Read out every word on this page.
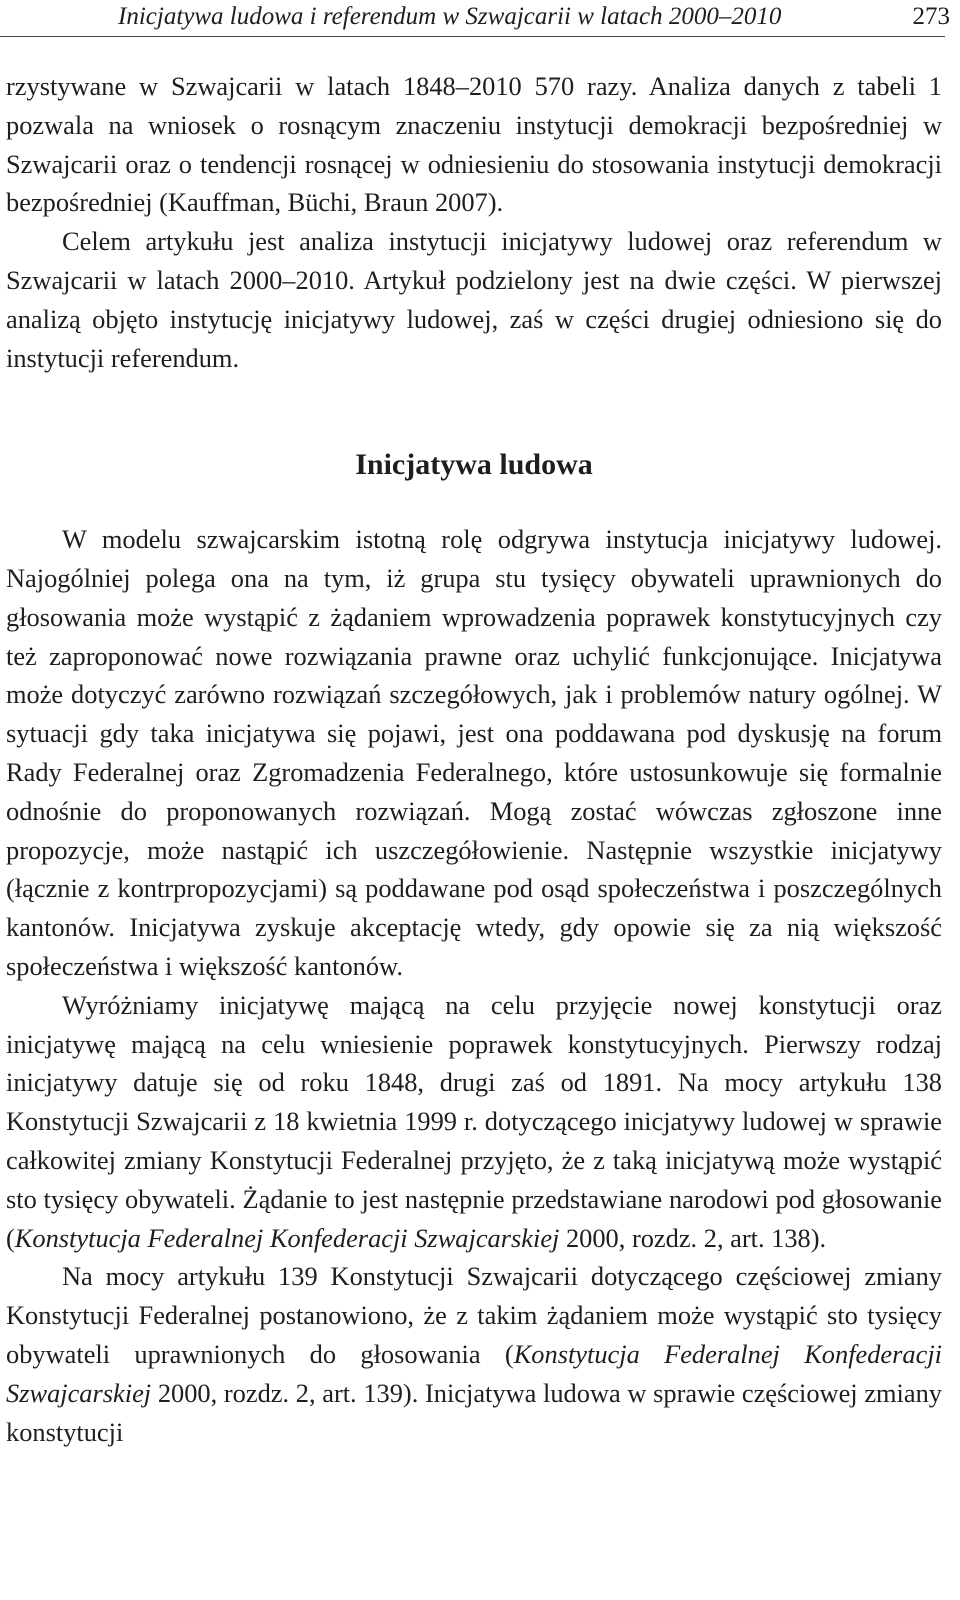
Inicjatywa ludowa i referendum w Szwajcarii w latach 2000–2010	273

rzystywane w Szwajcarii w latach 1848–2010 570 razy. Analiza danych z tabeli 1 pozwala na wniosek o rosnącym znaczeniu instytucji demokracji bezpośredniej w Szwajcarii oraz o tendencji rosnącej w odniesieniu do stosowania instytucji demokracji bezpośredniej (Kauffman, Büchi, Braun 2007).

Celem artykułu jest analiza instytucji inicjatywy ludowej oraz referendum w Szwajcarii w latach 2000–2010. Artykuł podzielony jest na dwie części. W pierwszej analizą objęto instytucję inicjatywy ludowej, zaś w części drugiej odniesiono się do instytucji referendum.

Inicjatywa ludowa

W modelu szwajcarskim istotną rolę odgrywa instytucja inicjatywy ludowej. Najogólniej polega ona na tym, iż grupa stu tysięcy obywateli uprawnionych do głosowania może wystąpić z żądaniem wprowadzenia poprawek konstytucyjnych czy też zaproponować nowe rozwiązania prawne oraz uchylić funkcjonujące. Inicjatywa może dotyczyć zarówno rozwiązań szczegółowych, jak i problemów natury ogólnej. W sytuacji gdy taka inicjatywa się pojawi, jest ona poddawana pod dyskusję na forum Rady Federalnej oraz Zgromadzenia Federalnego, które ustosunkowuje się formalnie odnośnie do proponowanych rozwiązań. Mogą zostać wówczas zgłoszone inne propozycje, może nastąpić ich uszczegółowienie. Następnie wszystkie inicjatywy (łącznie z kontrpropozycjami) są poddawane pod osąd społeczeństwa i poszczególnych kantonów. Inicjatywa zyskuje akceptację wtedy, gdy opowie się za nią większość społeczeństwa i większość kantonów.

Wyróżniamy inicjatywę mającą na celu przyjęcie nowej konstytucji oraz inicjatywę mającą na celu wniesienie poprawek konstytucyjnych. Pierwszy rodzaj inicjatywy datuje się od roku 1848, drugi zaś od 1891. Na mocy artykułu 138 Konstytucji Szwajcarii z 18 kwietnia 1999 r. dotyczącego inicjatywy ludowej w sprawie całkowitej zmiany Konstytucji Federalnej przyjęto, że z taką inicjatywą może wystąpić sto tysięcy obywateli. Żądanie to jest następnie przedstawiane narodowi pod głosowanie (Konstytucja Federalnej Konfederacji Szwajcarskiej 2000, rozdz. 2, art. 138).

Na mocy artykułu 139 Konstytucji Szwajcarii dotyczącego częściowej zmiany Konstytucji Federalnej postanowiono, że z takim żądaniem może wystąpić sto tysięcy obywateli uprawnionych do głosowania (Konstytucja Federalnej Konfederacji Szwajcarskiej 2000, rozdz. 2, art. 139). Inicjatywa ludowa w sprawie częściowej zmiany konstytucji
